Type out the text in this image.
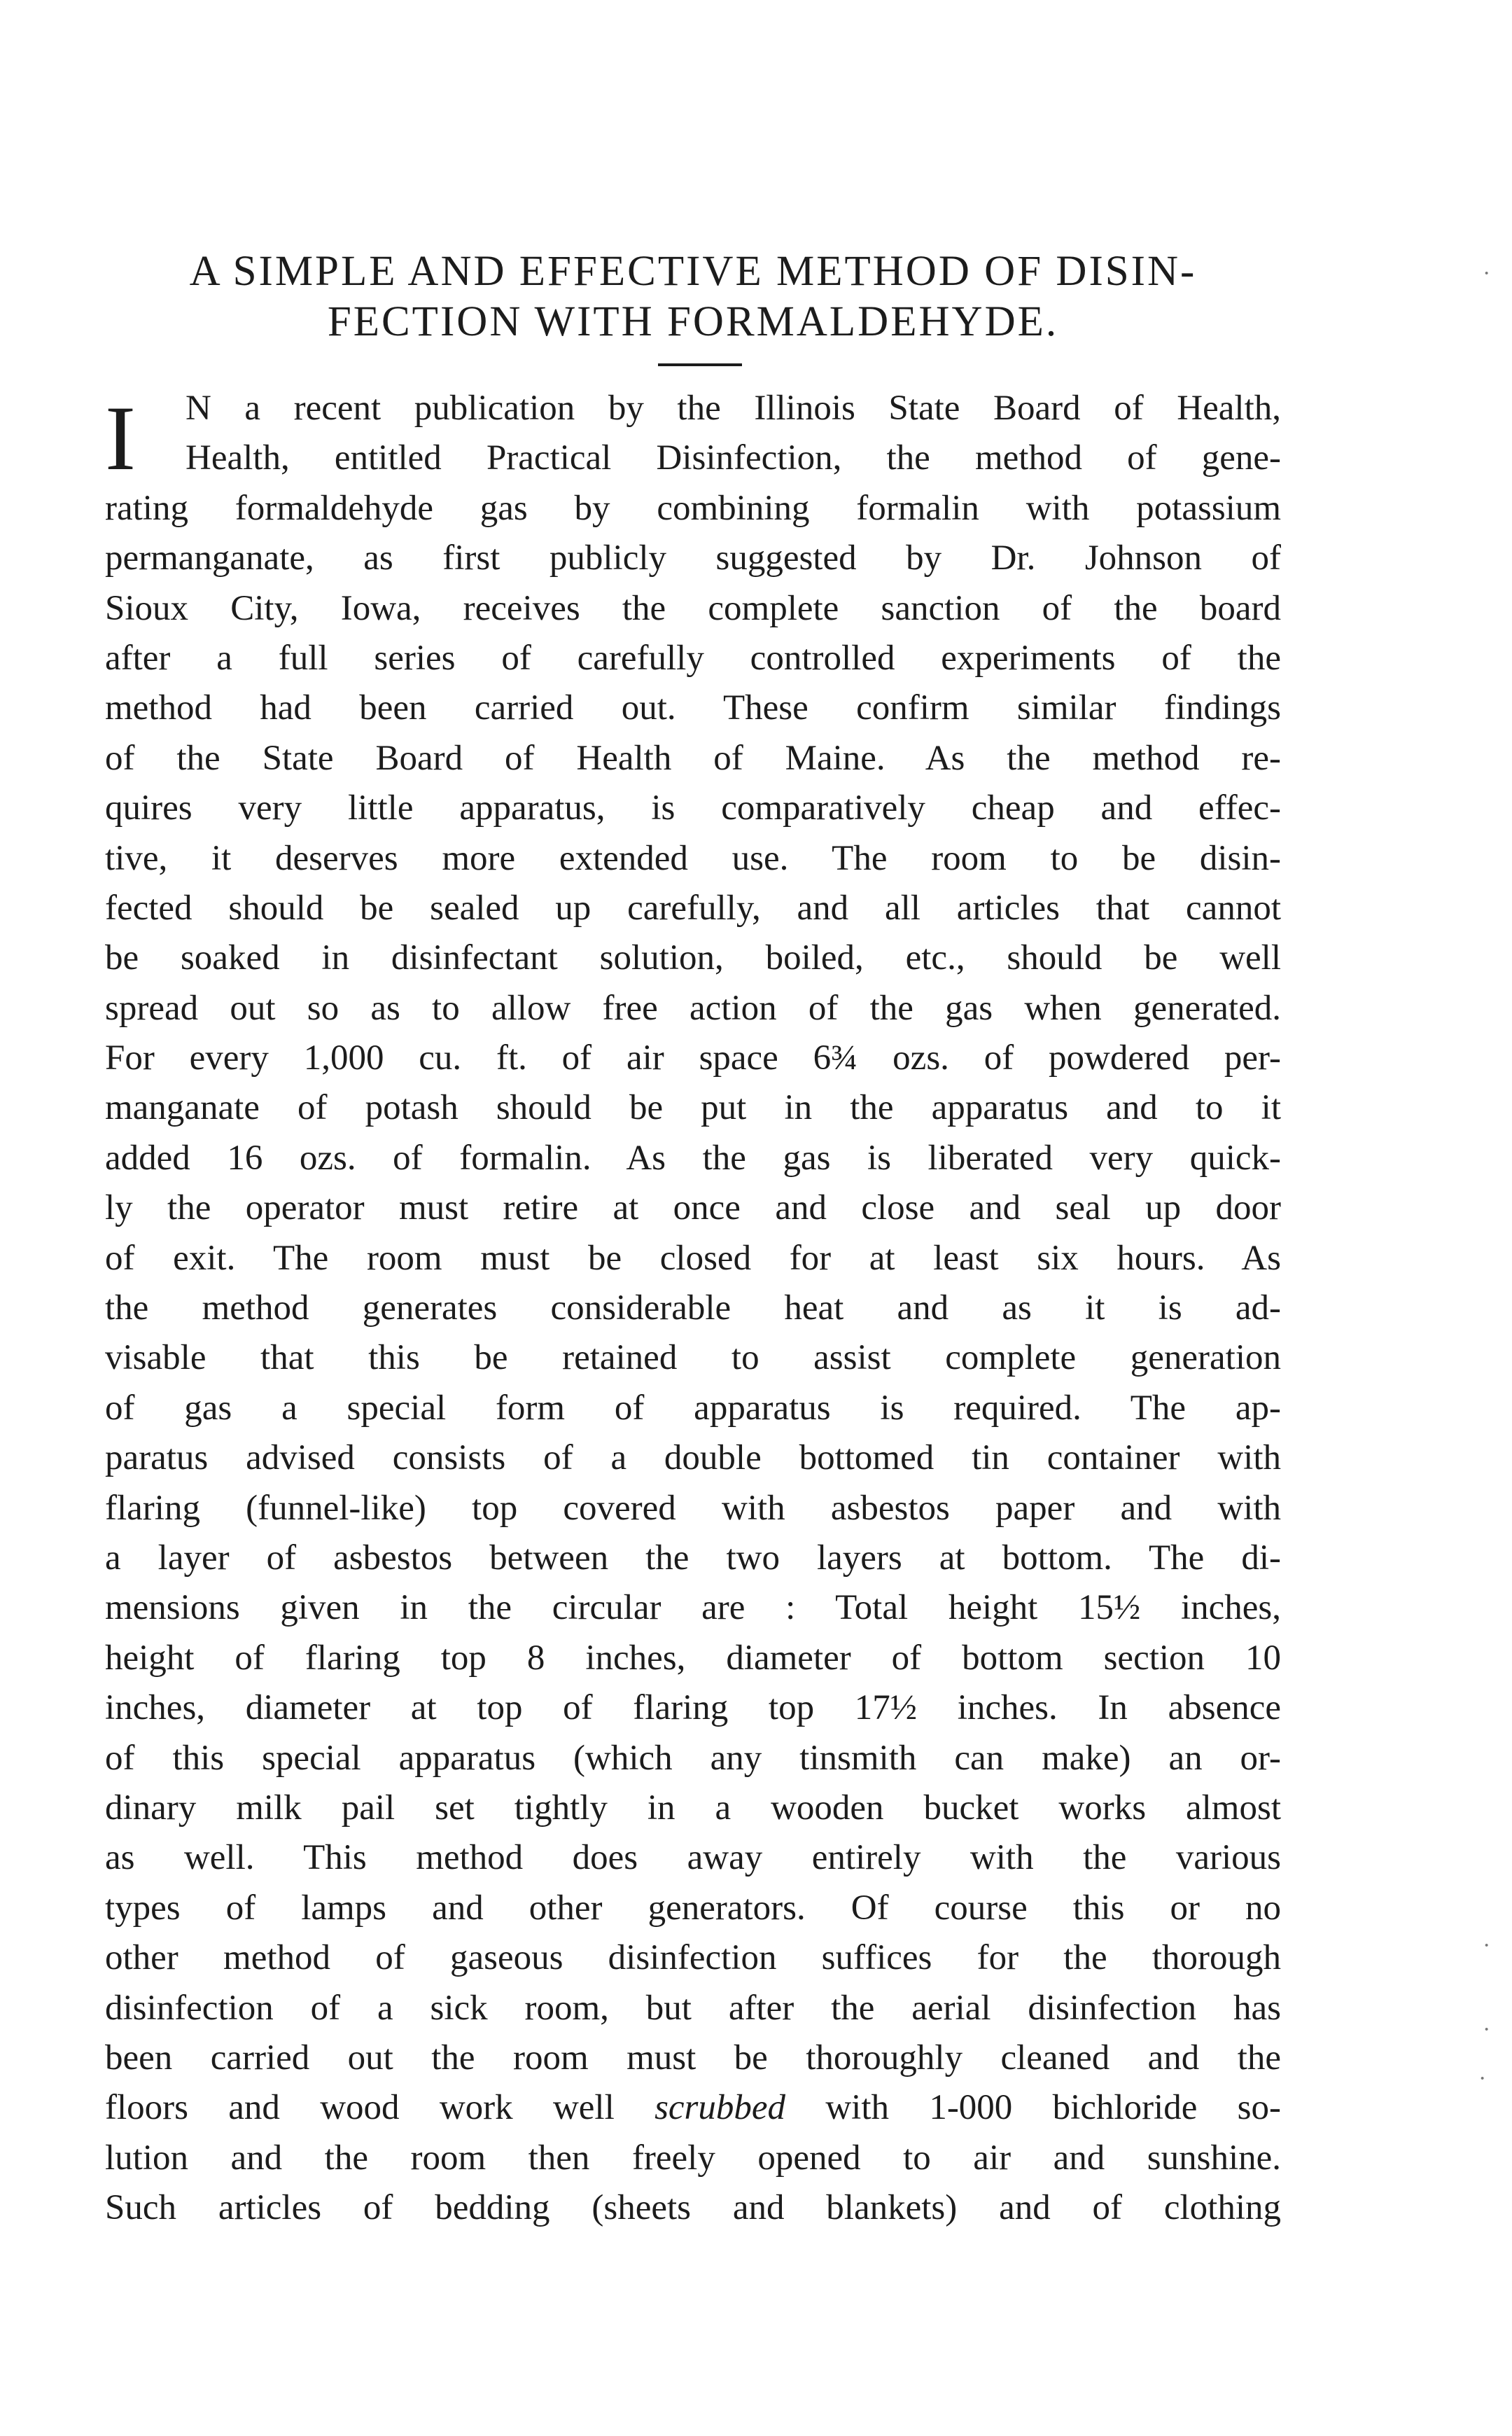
A SIMPLE AND EFFECTIVE METHOD OF DISIN-
FECTION WITH FORMALDEHYDE.
I	N a recent publication by the Illinois State Board of Health,
Health, entitled Practical Disinfection, the method of gene-
rating formaldehyde gas by combining formalin with potassium
permanganate, as first publicly suggested by Dr. Johnson of
Sioux City, Iowa, receives the complete sanction of the board
after a full series of carefully controlled experiments of the
method had been carried out. These confirm similar findings
of the State Board of Health of Maine. As the method re-
quires very little apparatus, is comparatively cheap and effec-
tive, it deserves more extended use. The room to be disin-
fected should be sealed up carefully, and all articles that cannot
be soaked in disinfectant solution, boiled, etc., should be well
spread out so as to allow free action of the gas when generated.
For every 1,000 cu. ft. of air space 6¾ ozs. of powdered per-
manganate of potash should be put in the apparatus and to it
added 16 ozs. of formalin. As the gas is liberated very quick-
ly the operator must retire at once and close and seal up door
of exit. The room must be closed for at least six hours. As
the method generates considerable heat and as it is ad-
visable that this be retained to assist complete generation
of gas a special form of apparatus is required. The ap-
paratus advised consists of a double bottomed tin container with
flaring (funnel-like) top covered with asbestos paper and with
a layer of asbestos between the two layers at bottom. The di-
mensions given in the circular are : Total height 15½ inches,
height of flaring top 8 inches, diameter of bottom section 10
inches, diameter at top of flaring top 17½ inches. In absence
of this special apparatus (which any tinsmith can make) an or-
dinary milk pail set tightly in a wooden bucket works almost
as well. This method does away entirely with the various
types of lamps and other generators. Of course this or no
other method of gaseous disinfection suffices for the thorough
disinfection of a sick room, but after the aerial disinfection has
been carried out the room must be thoroughly cleaned and the
floors and wood work well scrubbed with 1-000 bichloride so-
lution and the room then freely opened to air and sunshine.
Such articles of bedding (sheets and blankets) and of clothing
·
·
·
·
